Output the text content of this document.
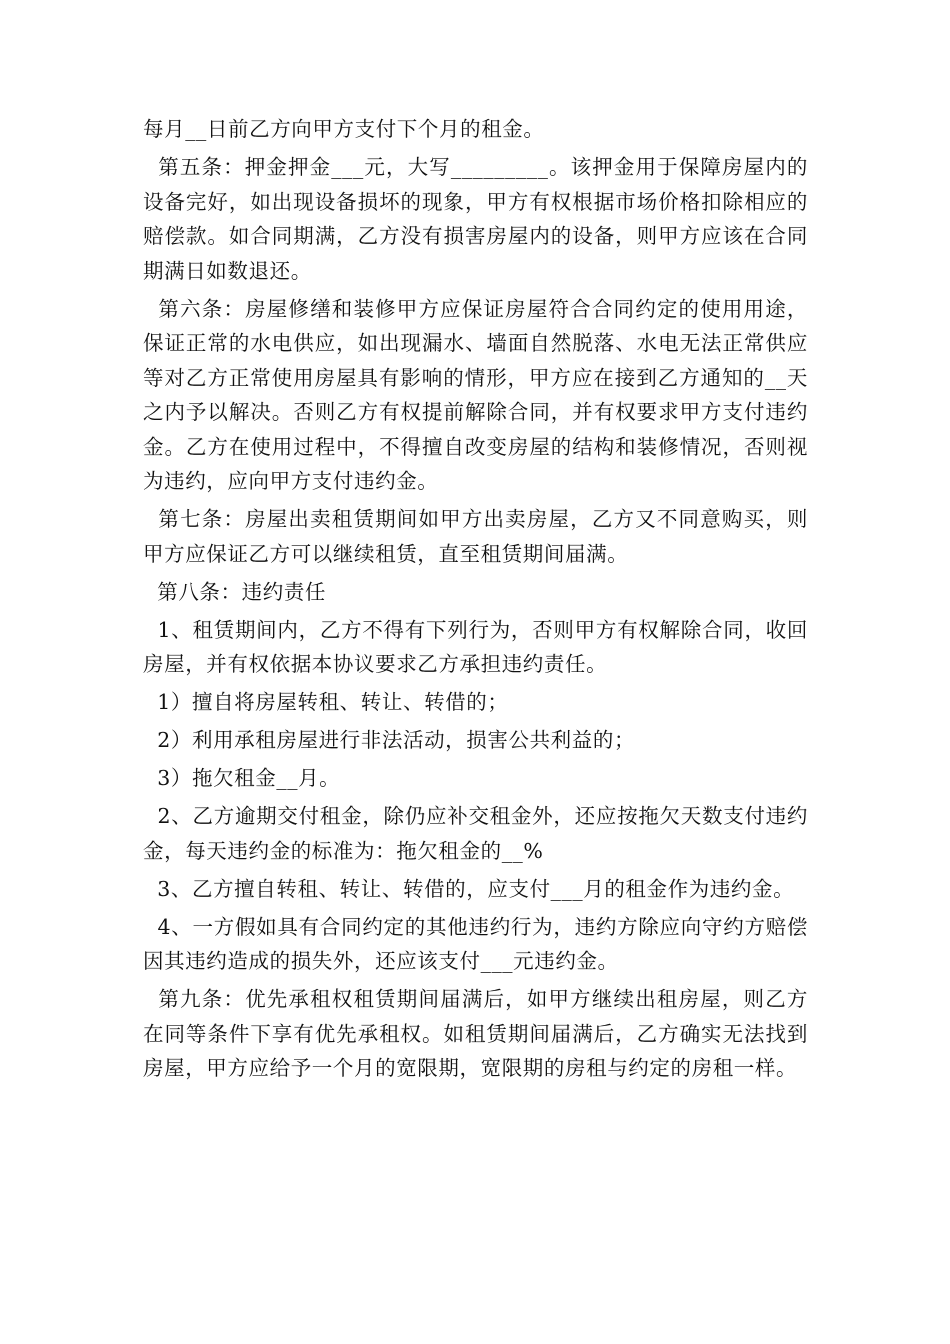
每月__日前乙方向甲方支付下个月的租金。

第五条：押金押金___元，大写_________。该押金用于保障房屋内的设备完好，如出现设备损坏的现象，甲方有权根据市场价格扣除相应的赔偿款。如合同期满，乙方没有损害房屋内的设备，则甲方应该在合同期满日如数退还。

第六条：房屋修缮和装修甲方应保证房屋符合合同约定的使用用途，保证正常的水电供应，如出现漏水、墙面自然脱落、水电无法正常供应等对乙方正常使用房屋具有影响的情形，甲方应在接到乙方通知的__天之内予以解决。否则乙方有权提前解除合同，并有权要求甲方支付违约金。乙方在使用过程中，不得擅自改变房屋的结构和装修情况，否则视为违约，应向甲方支付违约金。

第七条：房屋出卖租赁期间如甲方出卖房屋，乙方又不同意购买，则甲方应保证乙方可以继续租赁，直至租赁期间届满。

第八条：违约责任

1、租赁期间内，乙方不得有下列行为，否则甲方有权解除合同，收回房屋，并有权依据本协议要求乙方承担违约责任。

1）擅自将房屋转租、转让、转借的；

2）利用承租房屋进行非法活动，损害公共利益的；

3）拖欠租金__月。

2、乙方逾期交付租金，除仍应补交租金外，还应按拖欠天数支付违约金，每天违约金的标准为：拖欠租金的__%

3、乙方擅自转租、转让、转借的，应支付___月的租金作为违约金。

4、一方假如具有合同约定的其他违约行为，违约方除应向守约方赔偿因其违约造成的损失外，还应该支付___元违约金。

第九条：优先承租权租赁期间届满后，如甲方继续出租房屋，则乙方在同等条件下享有优先承租权。如租赁期间届满后，乙方确实无法找到房屋，甲方应给予一个月的宽限期，宽限期的房租与约定的房租一样。
